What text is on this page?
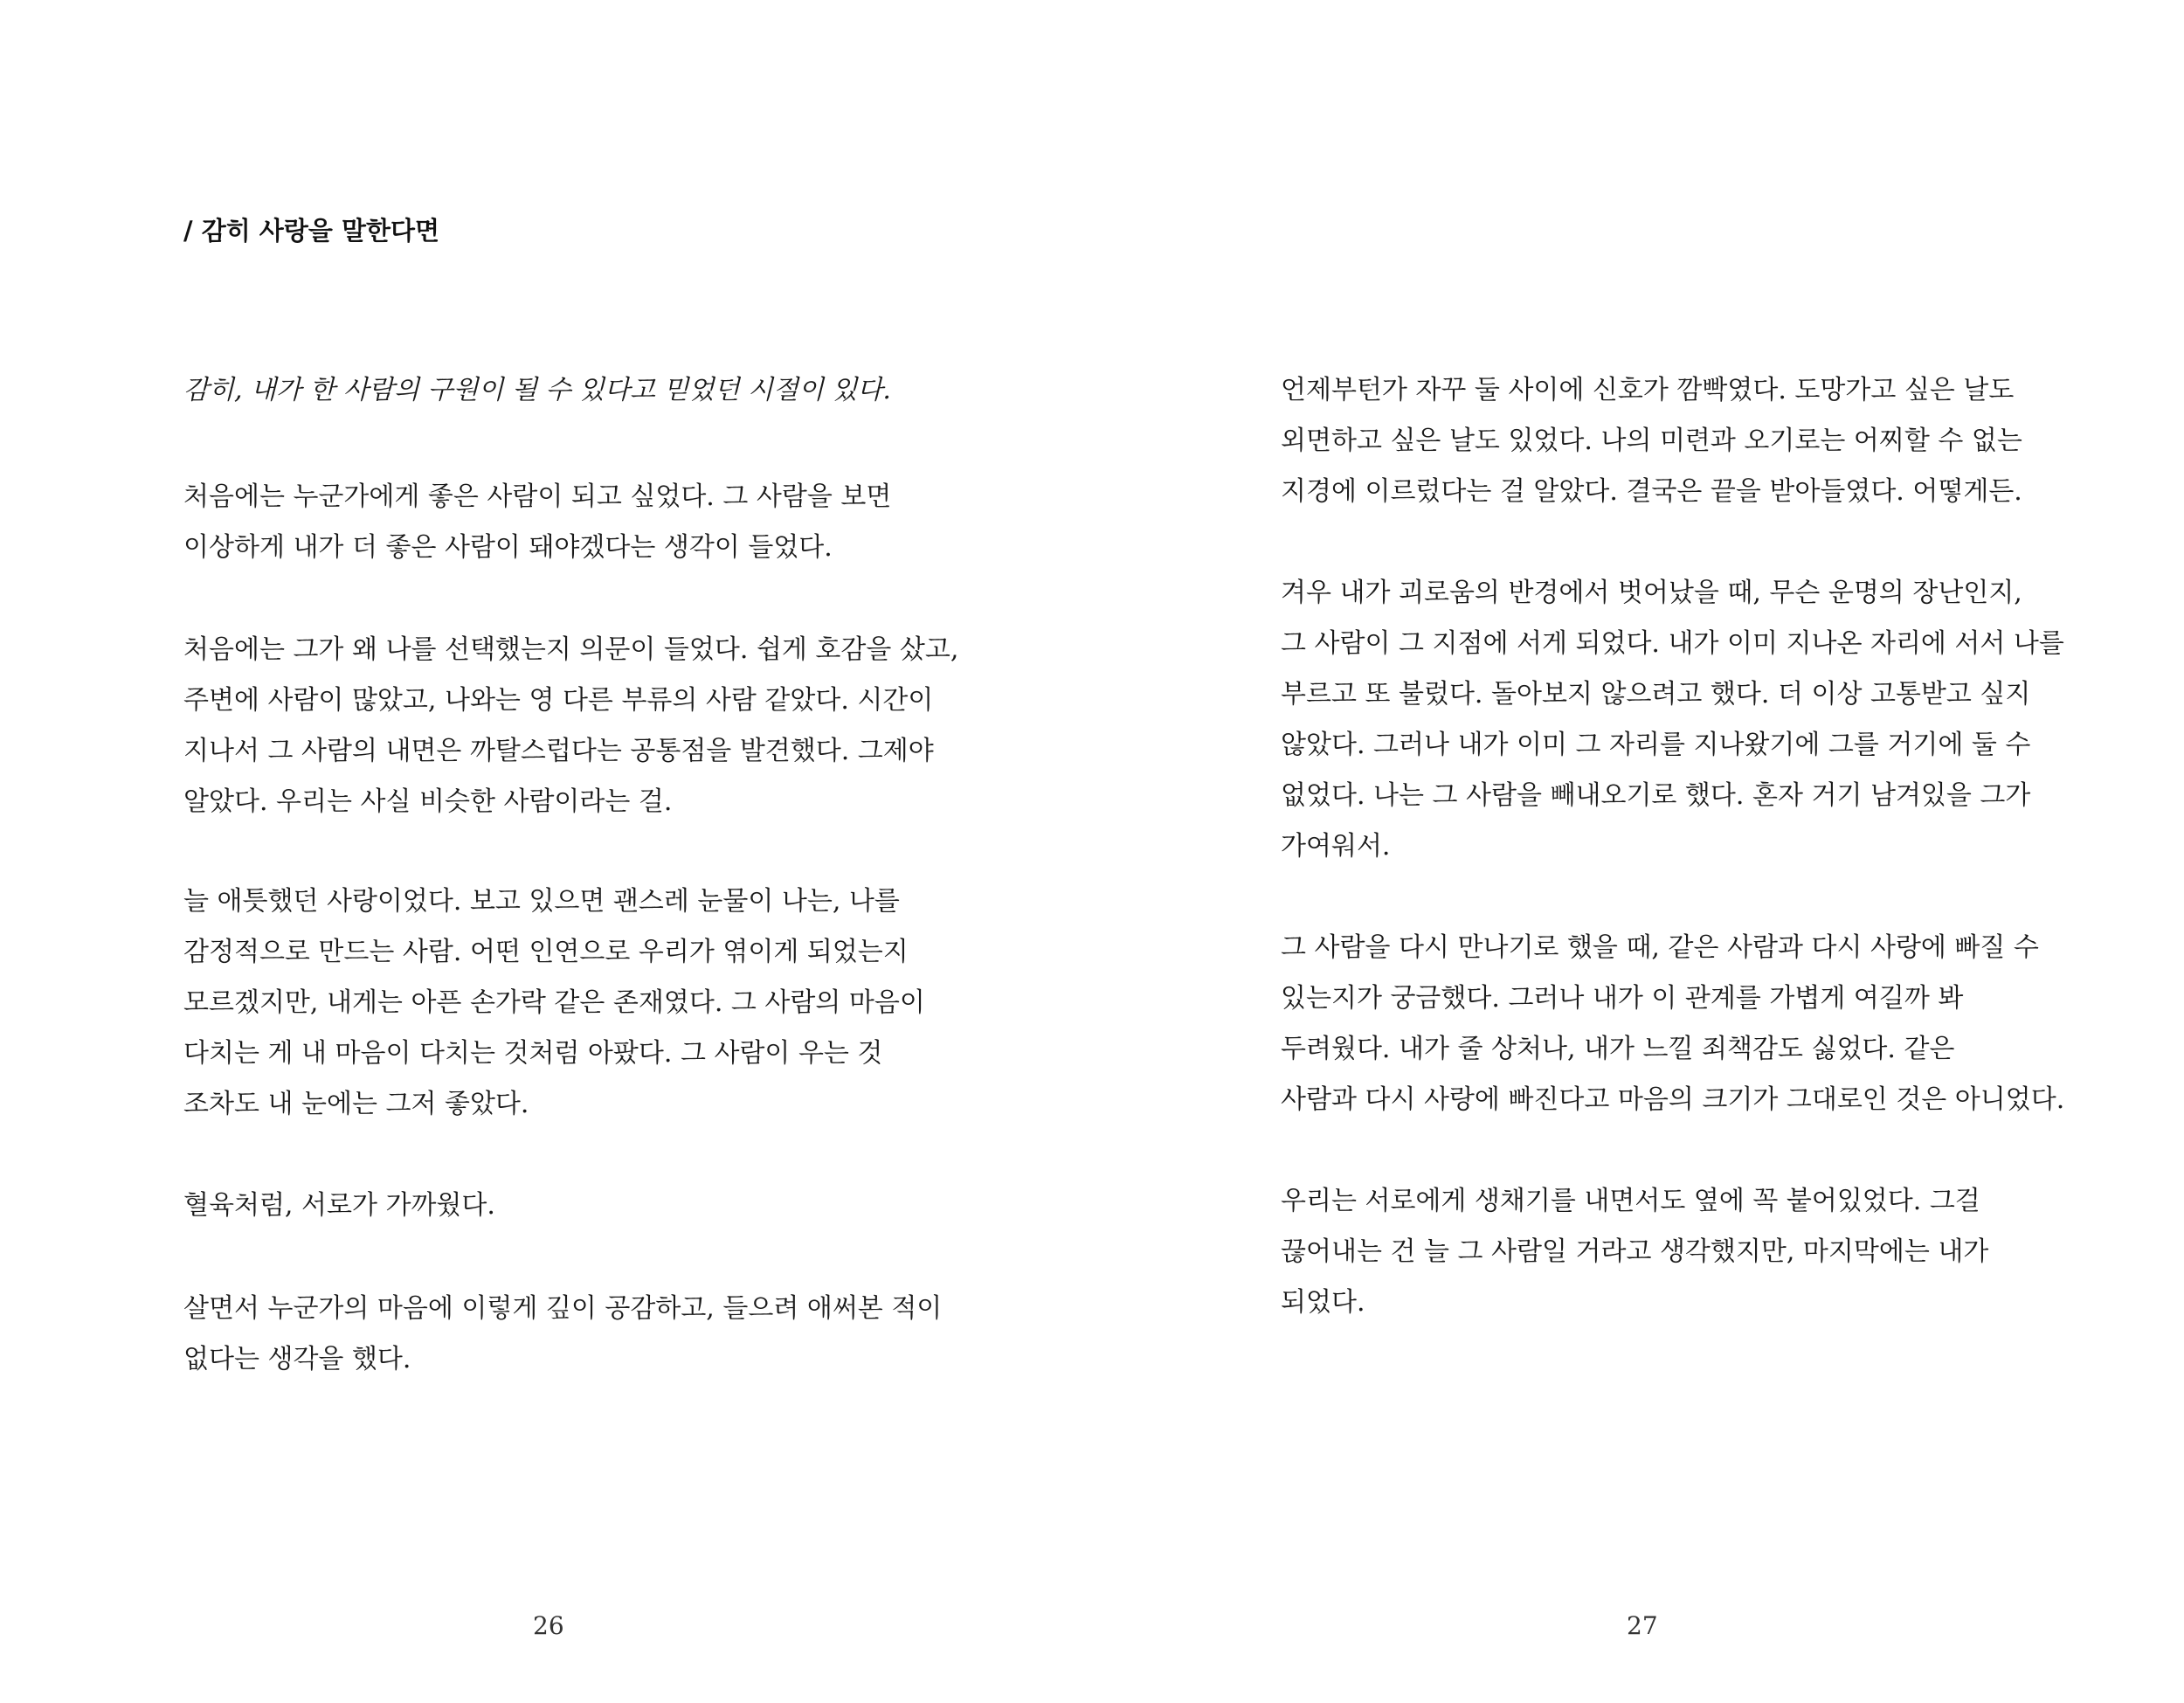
/ 감히 사랑을 말한다면

감히, 내가 한 사람의 구원이 될 수 있다고 믿었던 시절이 있다.

처음에는 누군가에게 좋은 사람이 되고 싶었다. 그 사람을 보면

이상하게 내가 더 좋은 사람이 돼야겠다는 생각이 들었다.

처음에는 그가 왜 나를 선택했는지 의문이 들었다. 쉽게 호감을 샀고,

주변에 사람이 많았고, 나와는 영 다른 부류의 사람 같았다. 시간이

지나서 그 사람의 내면은 까탈스럽다는 공통점을 발견했다. 그제야

알았다. 우리는 사실 비슷한 사람이라는 걸.

늘 애틋했던 사랑이었다. 보고 있으면 괜스레 눈물이 나는, 나를

감정적으로 만드는 사람. 어떤 인연으로 우리가 엮이게 되었는지

모르겠지만, 내게는 아픈 손가락 같은 존재였다. 그 사람의 마음이

다치는 게 내 마음이 다치는 것처럼 아팠다. 그 사람이 우는 것

조차도 내 눈에는 그저 좋았다.

혈육처럼, 서로가 가까웠다.

살면서 누군가의 마음에 이렇게 깊이 공감하고, 들으려 애써본 적이

없다는 생각을 했다.

26

언제부턴가 자꾸 둘 사이에 신호가 깜빡였다. 도망가고 싶은 날도

외면하고 싶은 날도 있었다. 나의 미련과 오기로는 어찌할 수 없는

지경에 이르렀다는 걸 알았다. 결국은 끝을 받아들였다. 어떻게든.

겨우 내가 괴로움의 반경에서 벗어났을 때, 무슨 운명의 장난인지,

그 사람이 그 지점에 서게 되었다. 내가 이미 지나온 자리에 서서 나를

부르고 또 불렀다. 돌아보지 않으려고 했다. 더 이상 고통받고 싶지

않았다. 그러나 내가 이미 그 자리를 지나왔기에 그를 거기에 둘 수

없었다. 나는 그 사람을 빼내오기로 했다. 혼자 거기 남겨있을 그가

가여워서.

그 사람을 다시 만나기로 했을 때, 같은 사람과 다시 사랑에 빠질 수

있는지가 궁금했다. 그러나 내가 이 관계를 가볍게 여길까 봐

두려웠다. 내가 줄 상처나, 내가 느낄 죄책감도 싫었다. 같은

사람과 다시 사랑에 빠진다고 마음의 크기가 그대로인 것은 아니었다.

우리는 서로에게 생채기를 내면서도 옆에 꼭 붙어있었다. 그걸

끊어내는 건 늘 그 사람일 거라고 생각했지만, 마지막에는 내가

되었다.

27
